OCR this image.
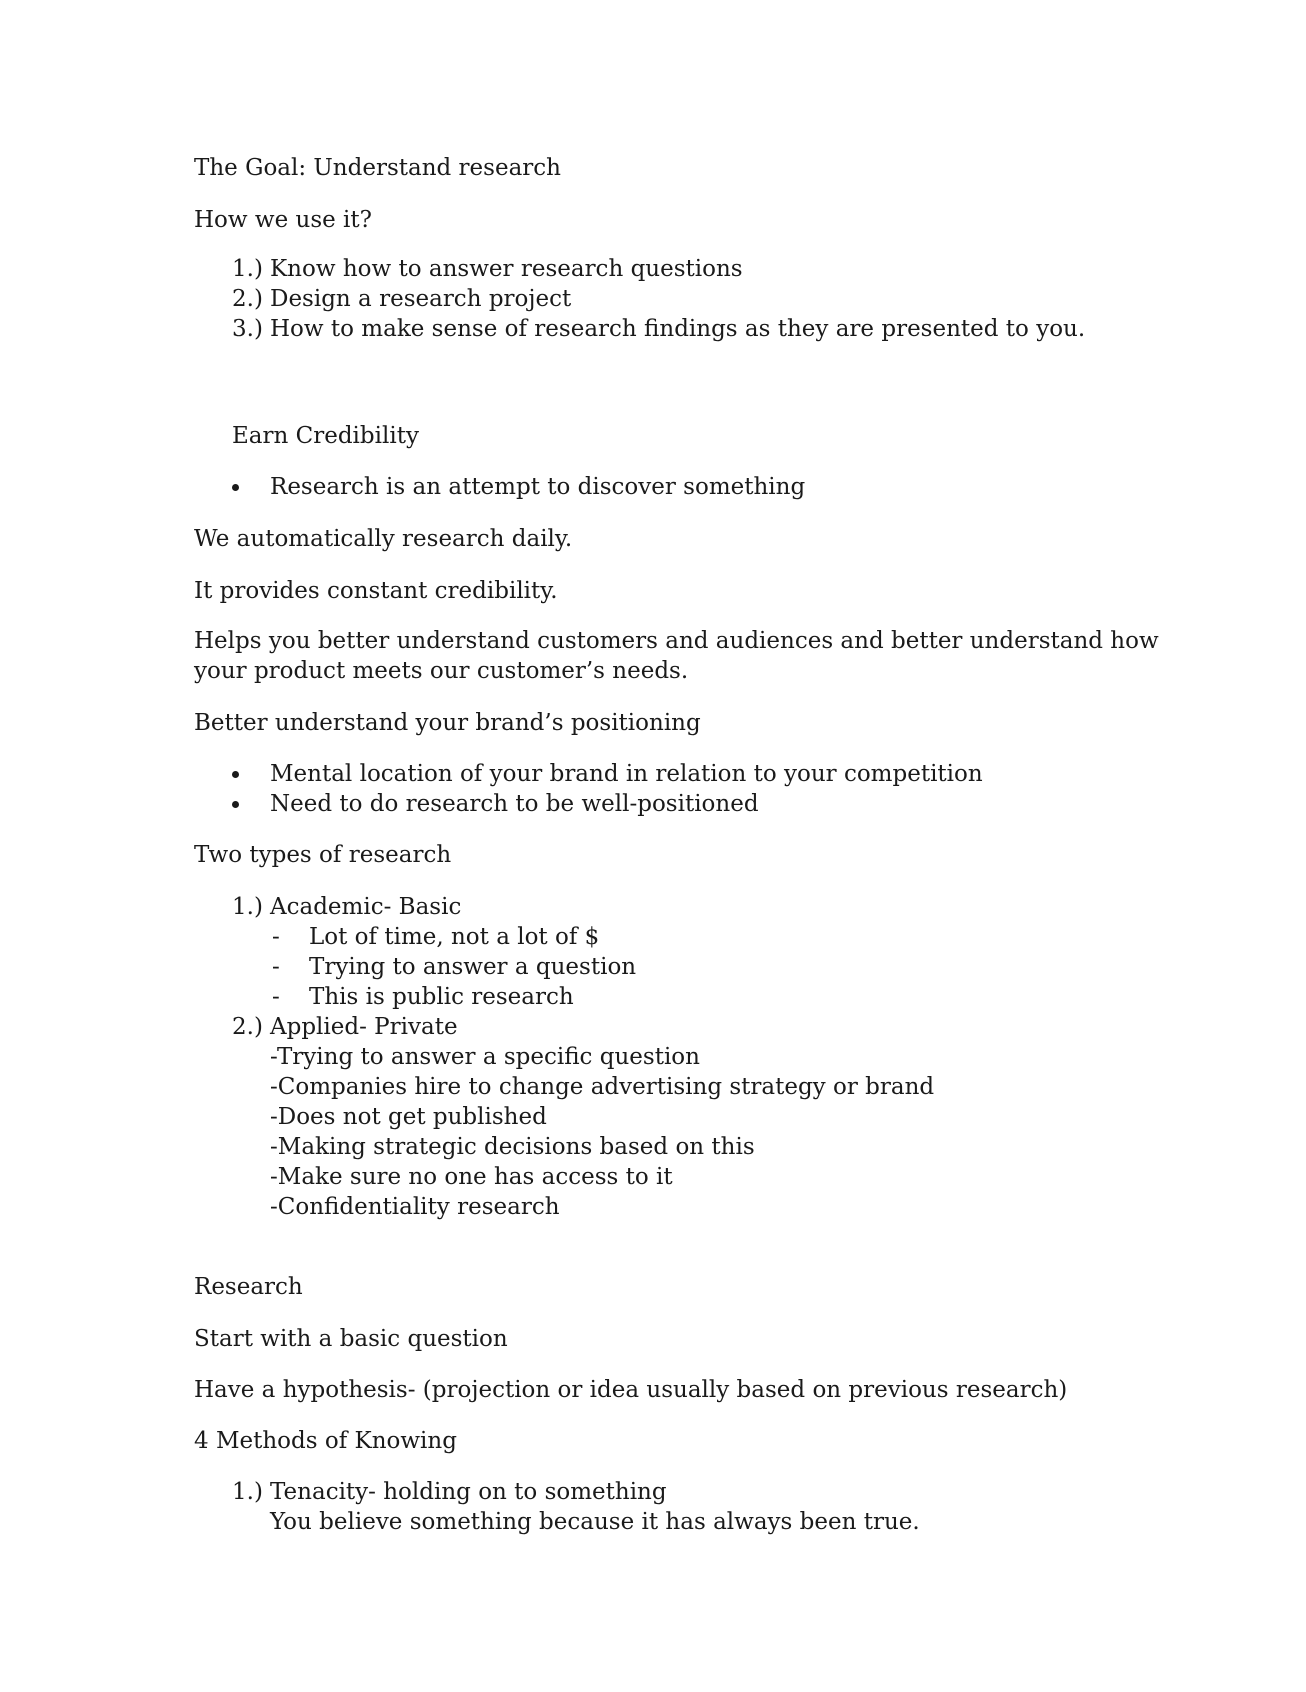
The Goal: Understand research
How we use it?
1.) Know how to answer research questions
2.) Design a research project
3.) How to make sense of research findings as they are presented to you.
Earn Credibility
Research is an attempt to discover something
We automatically research daily.
It provides constant credibility.
Helps you better understand customers and audiences and better understand how
your product meets our customer’s needs.
Better understand your brand’s positioning
Mental location of your brand in relation to your competition
Need to do research to be well-positioned
Two types of research
1.) Academic- Basic
- Lot of time, not a lot of $
- Trying to answer a question
- This is public research
2.) Applied- Private
-Trying to answer a specific question
-Companies hire to change advertising strategy or brand
-Does not get published
-Making strategic decisions based on this
-Make sure no one has access to it
-Confidentiality research
Research
Start with a basic question
Have a hypothesis- (projection or idea usually based on previous research)
4 Methods of Knowing
1.) Tenacity- holding on to something
You believe something because it has always been true.
